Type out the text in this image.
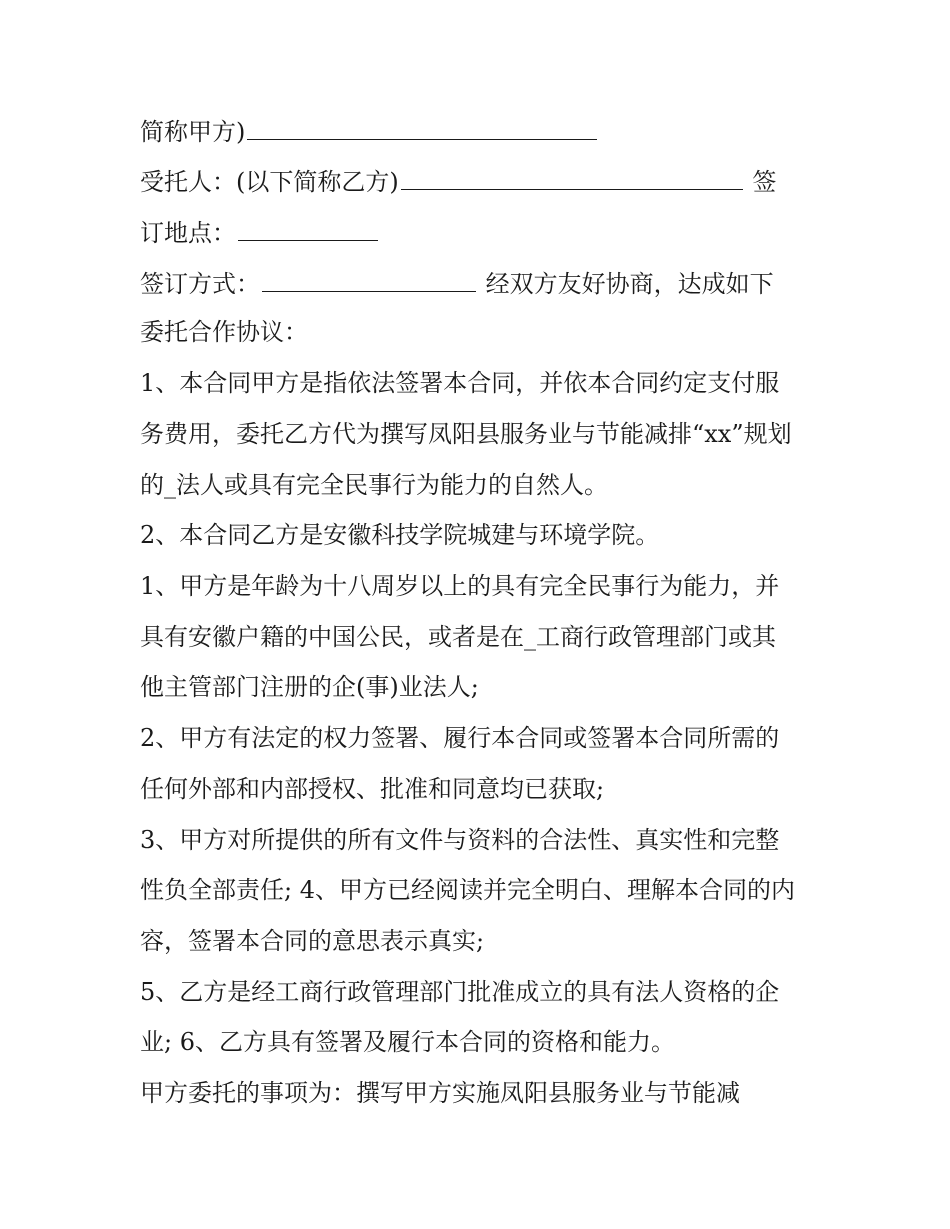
简称甲方)
受托人：(以下简称乙方)	签
订地点：
签订方式：	经双方友好协商，达成如下
委托合作协议：
1、本合同甲方是指依法签署本合同，并依本合同约定支付服
务费用，委托乙方代为撰写凤阳县服务业与节能减排“xx”规划
的_法人或具有完全民事行为能力的自然人。
2、本合同乙方是安徽科技学院城建与环境学院。
1、甲方是年龄为十八周岁以上的具有完全民事行为能力，并
具有安徽户籍的中国公民，或者是在_工商行政管理部门或其
他主管部门注册的企(事)业法人;
2、甲方有法定的权力签署、履行本合同或签署本合同所需的
任何外部和内部授权、批准和同意均已获取;
3、甲方对所提供的所有文件与资料的合法性、真实性和完整
性负全部责任; 4、甲方已经阅读并完全明白、理解本合同的内
容，签署本合同的意思表示真实;
5、乙方是经工商行政管理部门批准成立的具有法人资格的企
业; 6、乙方具有签署及履行本合同的资格和能力。
甲方委托的事项为：撰写甲方实施凤阳县服务业与节能减
